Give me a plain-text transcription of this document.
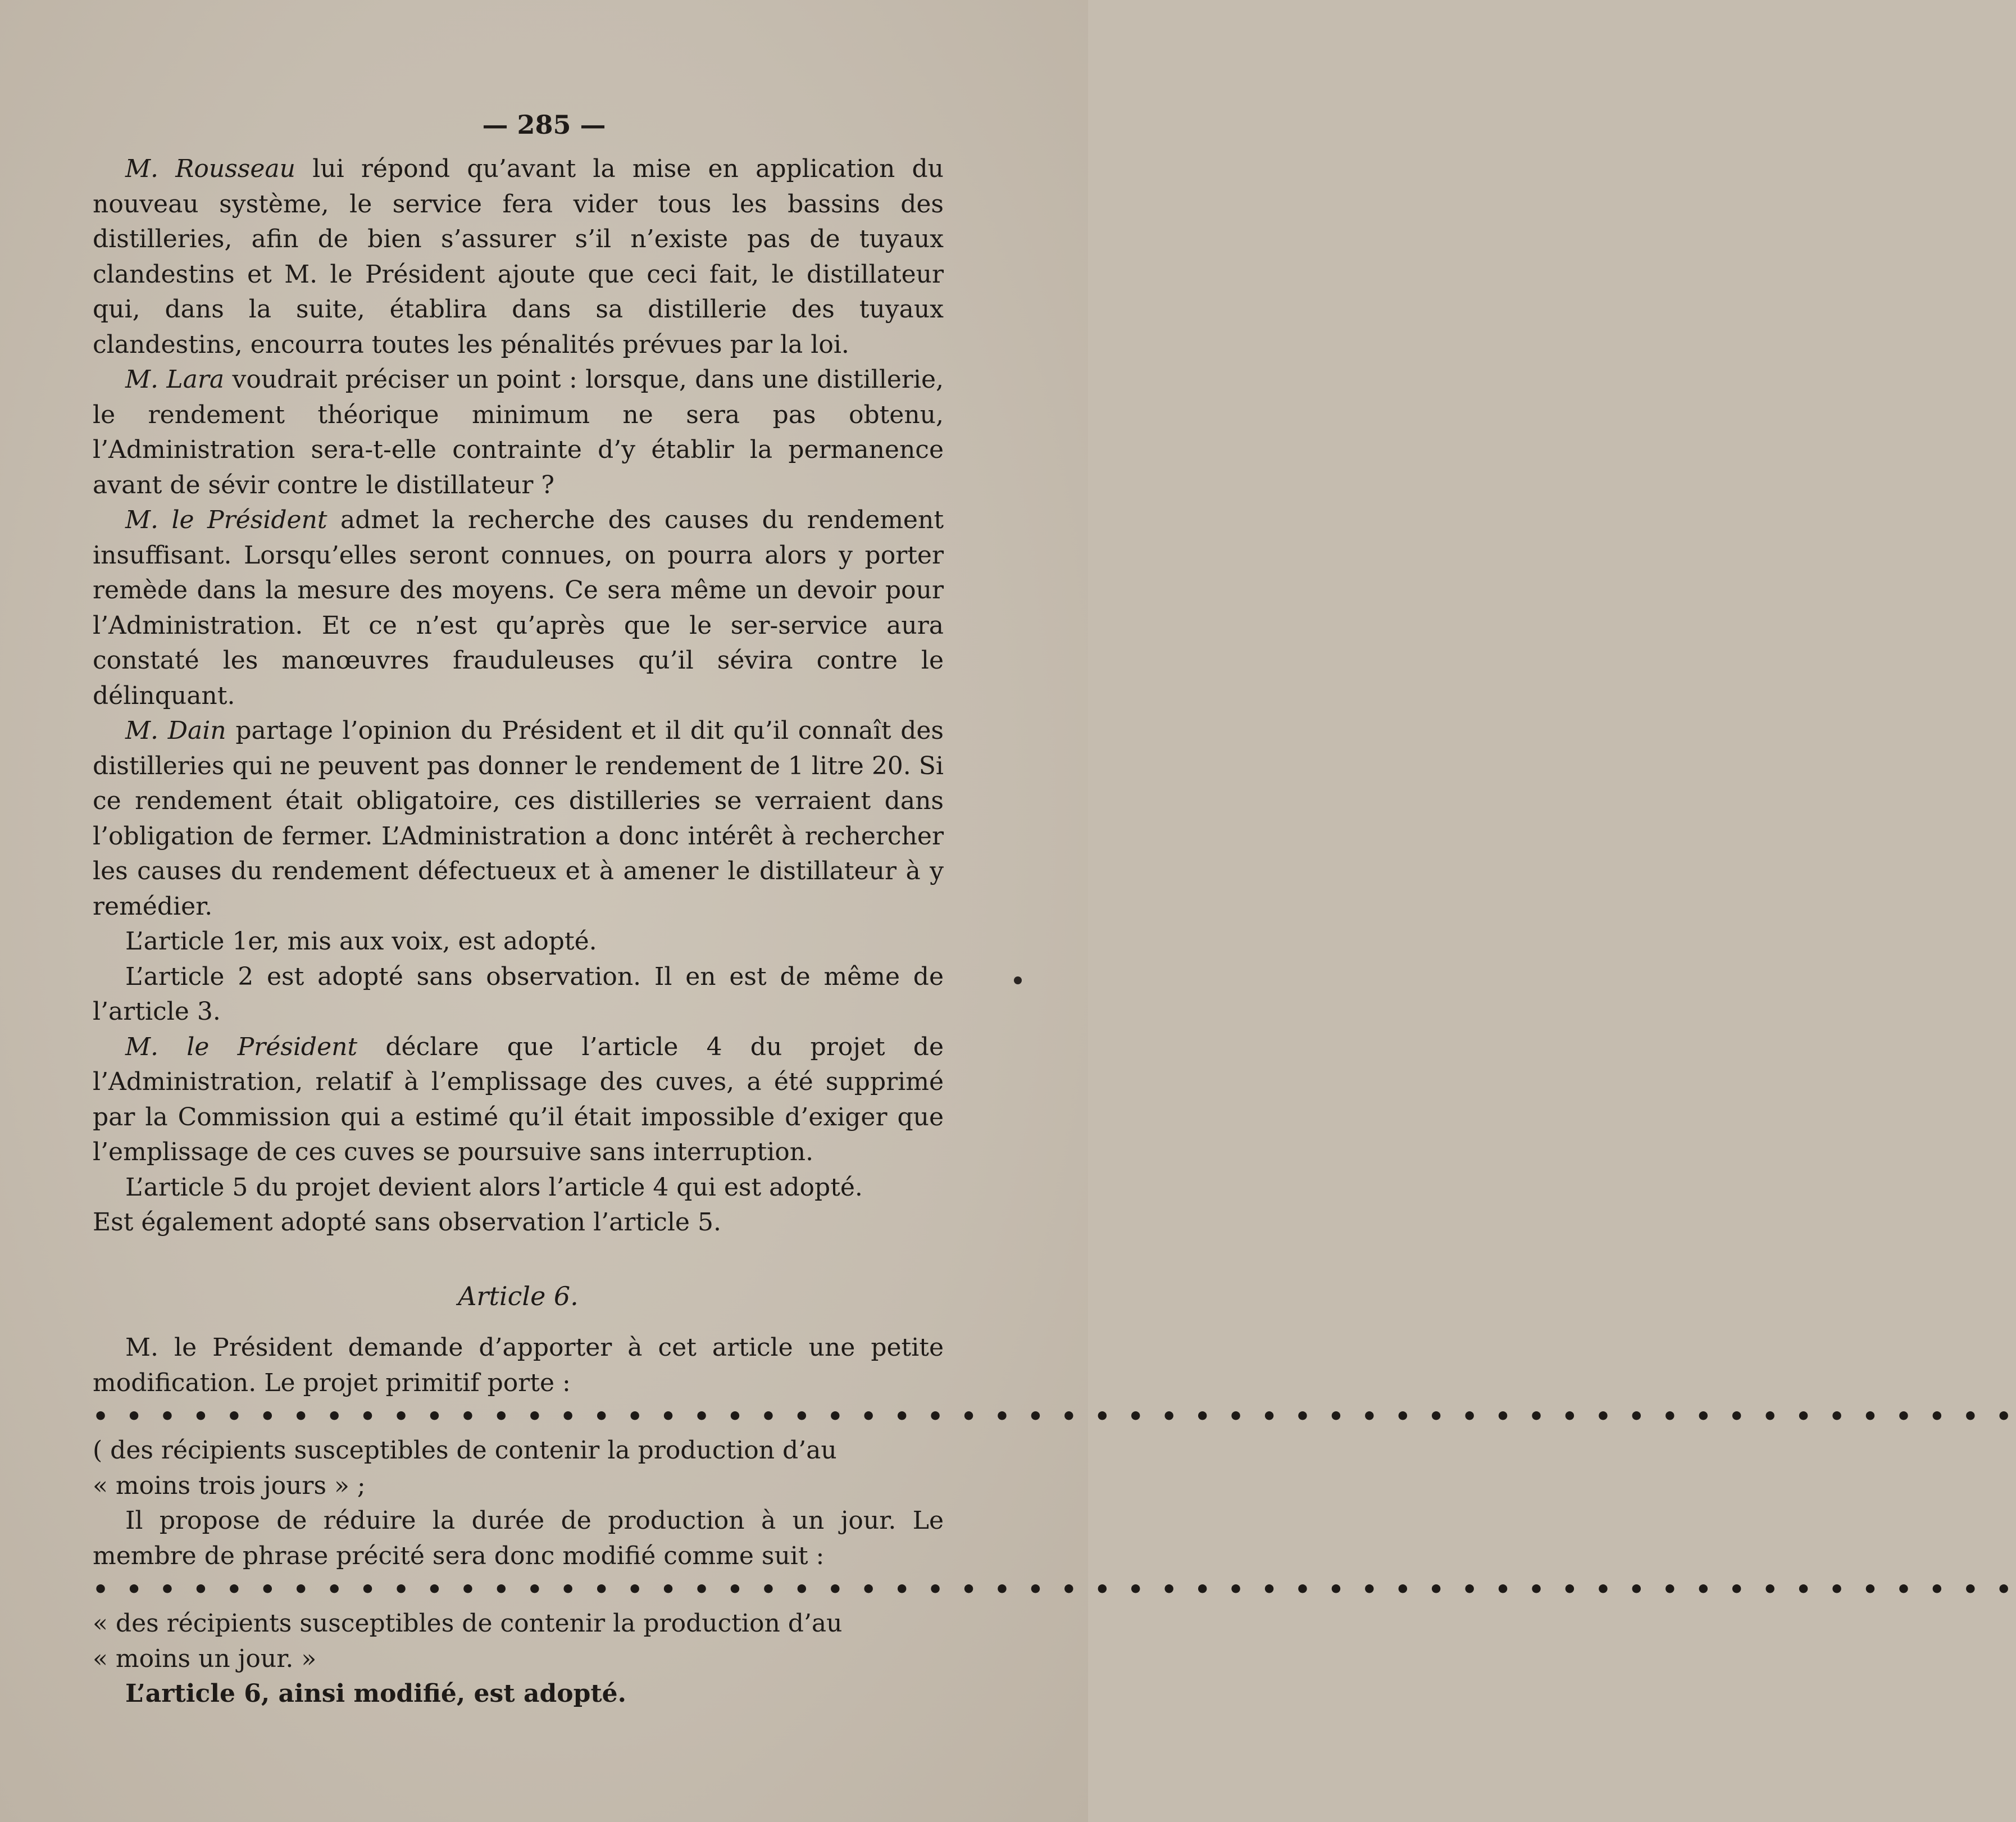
— 285 —

M. Rousseau lui répond qu’avant la mise en application du nouveau système, le service fera vider tous les bassins des distilleries, afin de bien s’assurer s’il n’existe pas de tuyaux clandestins et M. le Président ajoute que ceci fait, le distillateur qui, dans la suite, établira dans sa distillerie des tuyaux clandestins, encourra toutes les pénalités prévues par la loi.

M. Lara voudrait préciser un point : lorsque, dans une distillerie, le rendement théorique minimum ne sera pas obtenu, l’Administration sera-t-elle contrainte d’y établir la permanence avant de sévir contre le distillateur ?

M. le Président admet la recherche des causes du rendement insuffisant. Lorsqu’elles seront connues, on pourra alors y porter remède dans la mesure des moyens. Ce sera même un devoir pour l’Administration. Et ce n’est qu’après que le ser-service aura constaté les manœuvres frauduleuses qu’il sévira contre le délinquant.

M. Dain partage l’opinion du Président et il dit qu’il connaît des distilleries qui ne peuvent pas donner le rendement de 1 litre 20. Si ce rendement était obligatoire, ces distilleries se verraient dans l’obligation de fermer. L’Administration a donc intérêt à rechercher les causes du rendement défectueux et à amener le distillateur à y remédier.

L’article 1er, mis aux voix, est adopté.

L’article 2 est adopté sans observation. Il en est de même de l’article 3.

M. le Président déclare que l’article 4 du projet de l’Administration, relatif à l’emplissage des cuves, a été supprimé par la Commission qui a estimé qu’il était impossible d’exiger que l’emplissage de ces cuves se poursuive sans interruption.

L’article 5 du projet devient alors l’article 4 qui est adopté.

Est également adopté sans observation l’article 5.

Article 6.

M. le Président demande d’apporter à cet article une petite modification. Le projet primitif porte :

• • • • • • • • • • • • • • • • • • • • • • • • • • • • • • • • • • • • • • • • • • • • • • • • • • • • • • • • • •

( des récipients susceptibles de contenir la production d’au

« moins trois jours » ;

Il propose de réduire la durée de production à un jour. Le membre de phrase précité sera donc modifié comme suit :

• • • • • • • • • • • • • • • • • • • • • • • • • • • • • • • • • • • • • • • • • • • • • • • • • • • • • • • • • •

« des récipients susceptibles de contenir la production d’au

« moins un jour. »

L’article 6, ainsi modifié, est adopté.
